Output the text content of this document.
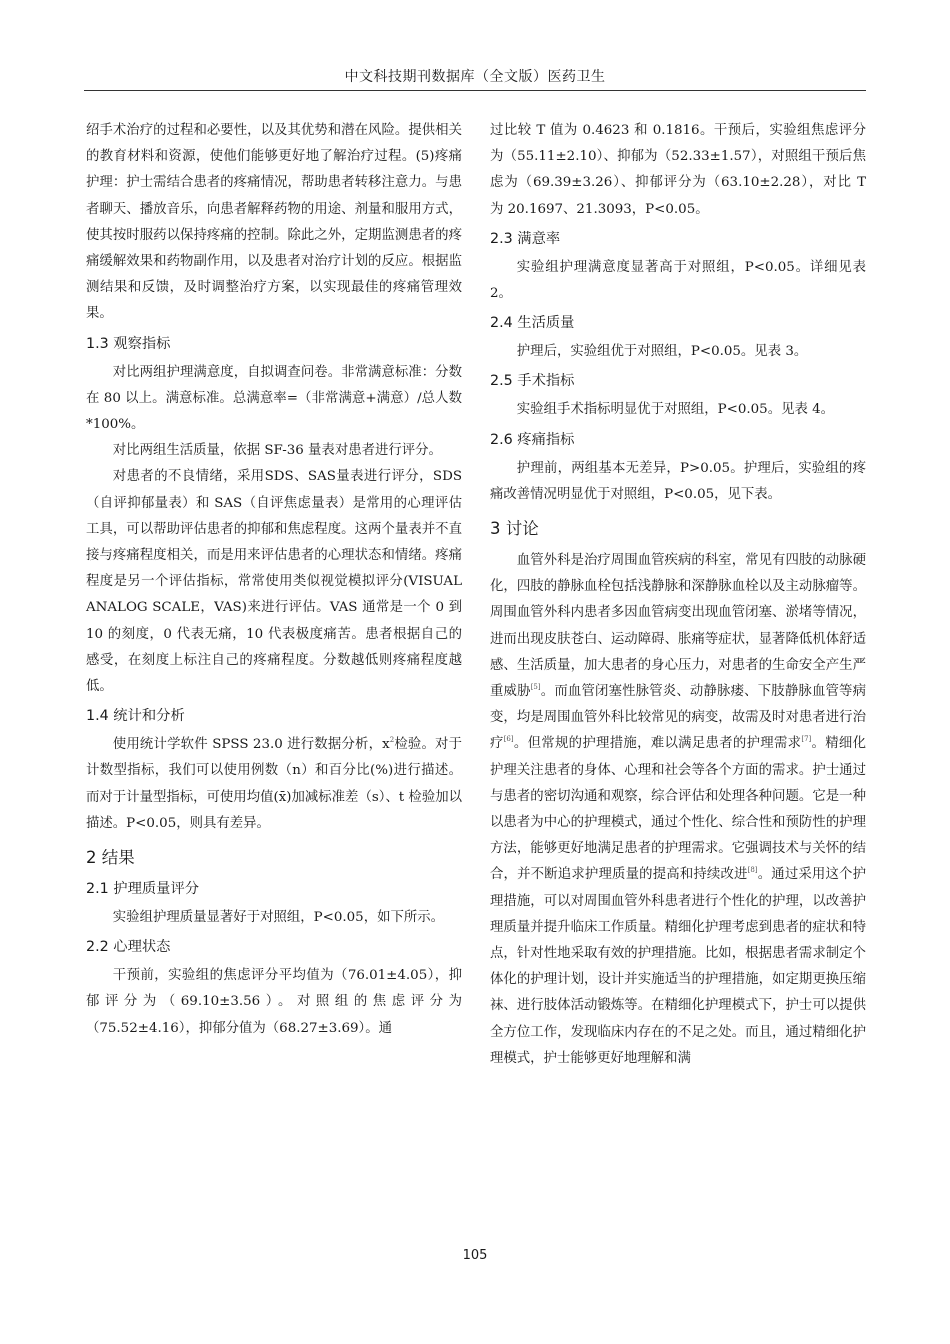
中文科技期刊数据库（全文版）医药卫生

绍手术治疗的过程和必要性，以及其优势和潜在风险。提供相关的教育材料和资源，使他们能够更好地了解治疗过程。(5)疼痛护理：护士需结合患者的疼痛情况，帮助患者转移注意力。与患者聊天、播放音乐，向患者解释药物的用途、剂量和服用方式，使其按时服药以保持疼痛的控制。除此之外，定期监测患者的疼痛缓解效果和药物副作用，以及患者对治疗计划的反应。根据监测结果和反馈，及时调整治疗方案，以实现最佳的疼痛管理效果。

1.3 观察指标

对比两组护理满意度，自拟调查问卷。非常满意标准：分数在 80 以上。满意标准。总满意率=（非常满意+满意）/总人数*100%。

对比两组生活质量，依据 SF-36 量表对患者进行评分。

对患者的不良情绪，采用SDS、SAS量表进行评分，SDS（自评抑郁量表）和 SAS（自评焦虑量表）是常用的心理评估工具，可以帮助评估患者的抑郁和焦虑程度。这两个量表并不直接与疼痛程度相关，而是用来评估患者的心理状态和情绪。疼痛程度是另一个评估指标，常常使用类似视觉模拟评分(VISUAL ANALOG SCALE，VAS)来进行评估。VAS 通常是一个 0 到 10 的刻度，0 代表无痛，10 代表极度痛苦。患者根据自己的感受，在刻度上标注自己的疼痛程度。分数越低则疼痛程度越低。

1.4 统计和分析

使用统计学软件 SPSS 23.0 进行数据分析，$x^2$检验。对于计数型指标，我们可以使用例数（n）和百分比(%)进行描述。而对于计量型指标，可使用均值(x̄)加减标准差（s）、t 检验加以描述。P<0.05，则具有差异。

2 结果
2.1 护理质量评分

实验组护理质量显著好于对照组，P<0.05，如下所示。

2.2 心理状态

干预前，实验组的焦虑评分平均值为（76.01±4.05），抑郁评分为（69.10±3.56）。对照组的焦虑评分为（75.52±4.16），抑郁分值为（68.27±3.69）。通

过比较 T 值为 0.4623 和 0.1816。干预后，实验组焦虑评分为（55.11±2.10）、抑郁为（52.33±1.57），对照组干预后焦虑为（69.39±3.26）、抑郁评分为（63.10±2.28），对比 T 为 20.1697、21.3093，P<0.05。

2.3 满意率

实验组护理满意度显著高于对照组，P<0.05。详细见表 2。

2.4 生活质量

护理后，实验组优于对照组，P<0.05。见表 3。

2.5 手术指标

实验组手术指标明显优于对照组，P<0.05。见表 4。

2.6 疼痛指标

护理前，两组基本无差异，P>0.05。护理后，实验组的疼痛改善情况明显优于对照组，P<0.05，见下表。

3 讨论

血管外科是治疗周围血管疾病的科室，常见有四肢的动脉硬化，四肢的静脉血栓包括浅静脉和深静脉血栓以及主动脉瘤等。周围血管外科内患者多因血管病变出现血管闭塞、淤堵等情况，进而出现皮肤苍白、运动障碍、胀痛等症状，显著降低机体舒适感、生活质量，加大患者的身心压力，对患者的生命安全产生严重威胁[5]。而血管闭塞性脉管炎、动静脉瘘、下肢静脉血管等病变，均是周围血管外科比较常见的病变，故需及时对患者进行治疗[6]。但常规的护理措施，难以满足患者的护理需求[7]。精细化护理关注患者的身体、心理和社会等各个方面的需求。护士通过与患者的密切沟通和观察，综合评估和处理各种问题。它是一种以患者为中心的护理模式，通过个性化、综合性和预防性的护理方法，能够更好地满足患者的护理需求。它强调技术与关怀的结合，并不断追求护理质量的提高和持续改进[8]。通过采用这个护理措施，可以对周围血管外科患者进行个性化的护理，以改善护理质量并提升临床工作质量。精细化护理考虑到患者的症状和特点，针对性地采取有效的护理措施。比如，根据患者需求制定个体化的护理计划，设计并实施适当的护理措施，如定期更换压缩袜、进行肢体活动锻炼等。在精细化护理模式下，护士可以提供全方位工作，发现临床内存在的不足之处。而且，通过精细化护理模式，护士能够更好地理解和满

105
